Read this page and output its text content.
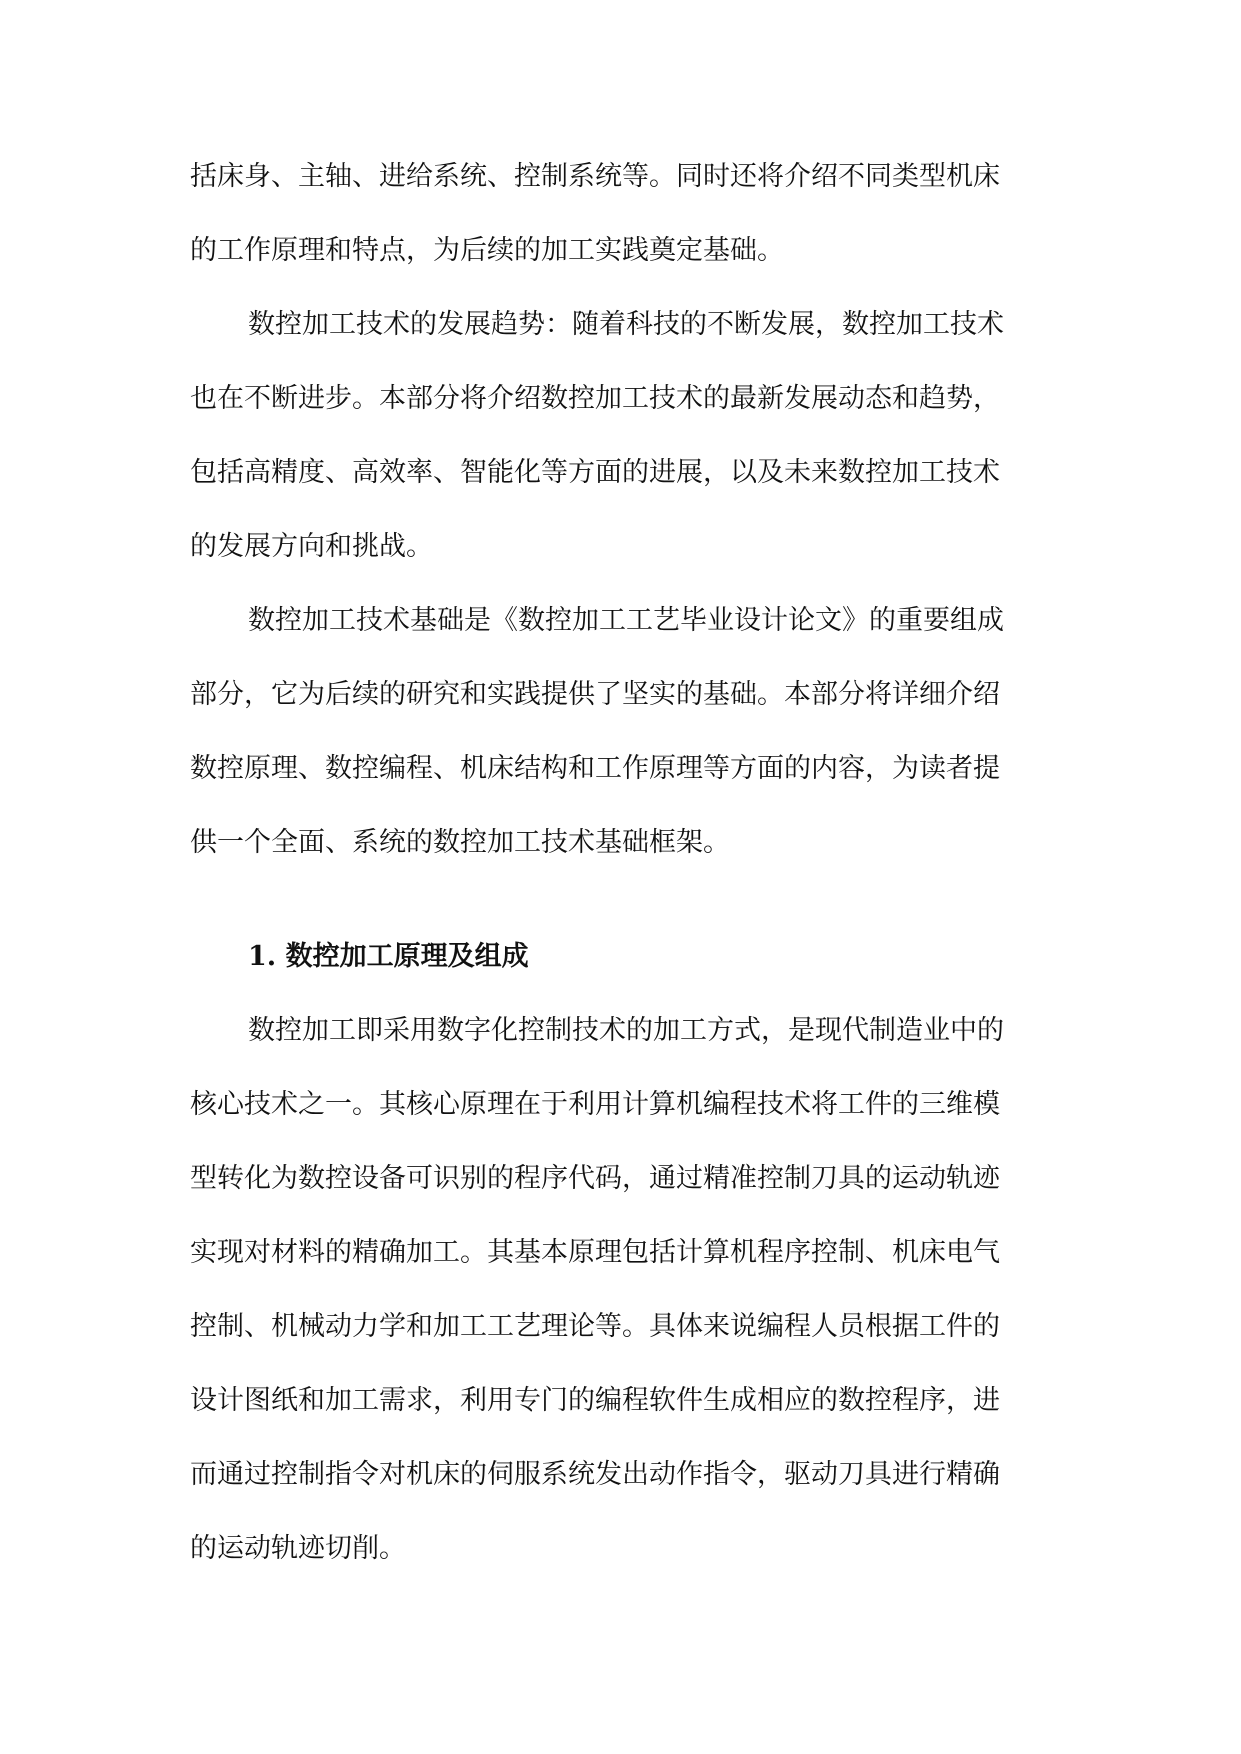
括床身、主轴、进给系统、控制系统等。同时还将介绍不同类型机床
的工作原理和特点，为后续的加工实践奠定基础。
数控加工技术的发展趋势：随着科技的不断发展，数控加工技术
也在不断进步。本部分将介绍数控加工技术的最新发展动态和趋势，
包括高精度、高效率、智能化等方面的进展，以及未来数控加工技术
的发展方向和挑战。
数控加工技术基础是《数控加工工艺毕业设计论文》的重要组成
部分，它为后续的研究和实践提供了坚实的基础。本部分将详细介绍
数控原理、数控编程、机床结构和工作原理等方面的内容，为读者提
供一个全面、系统的数控加工技术基础框架。
1. 数控加工原理及组成
数控加工即采用数字化控制技术的加工方式，是现代制造业中的
核心技术之一。其核心原理在于利用计算机编程技术将工件的三维模
型转化为数控设备可识别的程序代码，通过精准控制刀具的运动轨迹
实现对材料的精确加工。其基本原理包括计算机程序控制、机床电气
控制、机械动力学和加工工艺理论等。具体来说编程人员根据工件的
设计图纸和加工需求，利用专门的编程软件生成相应的数控程序，进
而通过控制指令对机床的伺服系统发出动作指令，驱动刀具进行精确
的运动轨迹切削。
